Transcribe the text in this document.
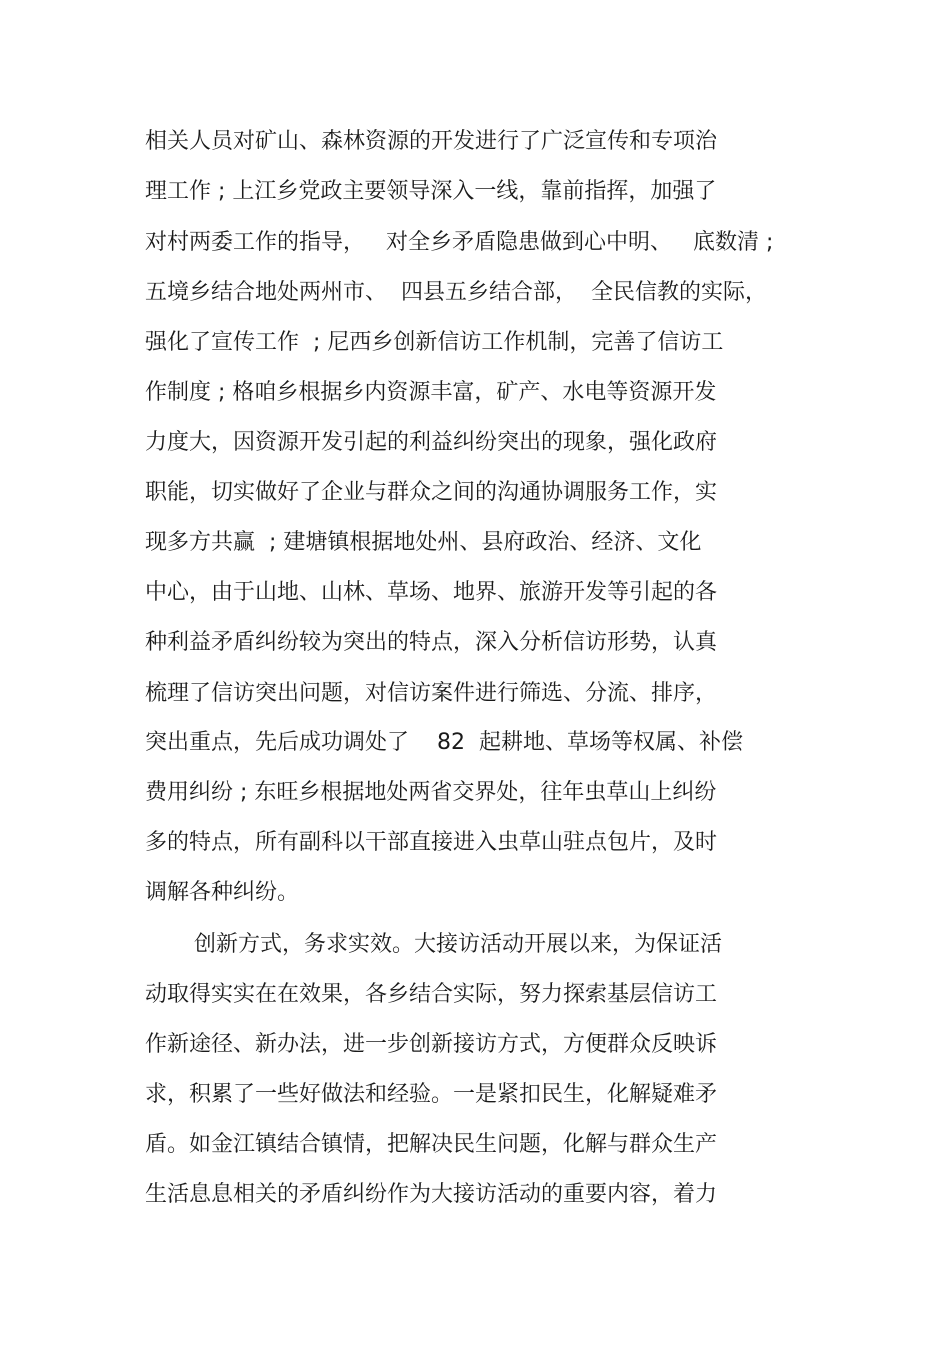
相关人员对矿山、森林资源的开发进行了广泛宣传和专项治

理工作 ; 上江乡党政主要领导深入一线，靠前指挥，加强了

对村两委工作的指导，   对全乡矛盾隐患做到心中明、   底数清 ;

五境乡结合地处两州市、  四县五乡结合部，  全民信教的实际，

强化了宣传工作  ; 尼西乡创新信访工作机制，完善了信访工

作制度 ; 格咱乡根据乡内资源丰富，矿产、水电等资源开发

力度大，因资源开发引起的利益纠纷突出的现象，强化政府

职能，切实做好了企业与群众之间的沟通协调服务工作，实

现多方共赢  ; 建塘镇根据地处州、县府政治、经济、文化

中心，由于山地、山林、草场、地界、旅游开发等引起的各

种利益矛盾纠纷较为突出的特点，深入分析信访形势，认真

梳理了信访突出问题，对信访案件进行筛选、分流、排序，

突出重点，先后成功调处了    82  起耕地、草场等权属、补偿

费用纠纷 ; 东旺乡根据地处两省交界处，往年虫草山上纠纷

多的特点，所有副科以干部直接进入虫草山驻点包片，及时

调解各种纠纷。

创新方式，务求实效。大接访活动开展以来，为保证活

动取得实实在在效果，各乡结合实际，努力探索基层信访工

作新途径、新办法，进一步创新接访方式，方便群众反映诉

求，积累了一些好做法和经验。一是紧扣民生，化解疑难矛

盾。如金江镇结合镇情，把解决民生问题，化解与群众生产

生活息息相关的矛盾纠纷作为大接访活动的重要内容，着力
